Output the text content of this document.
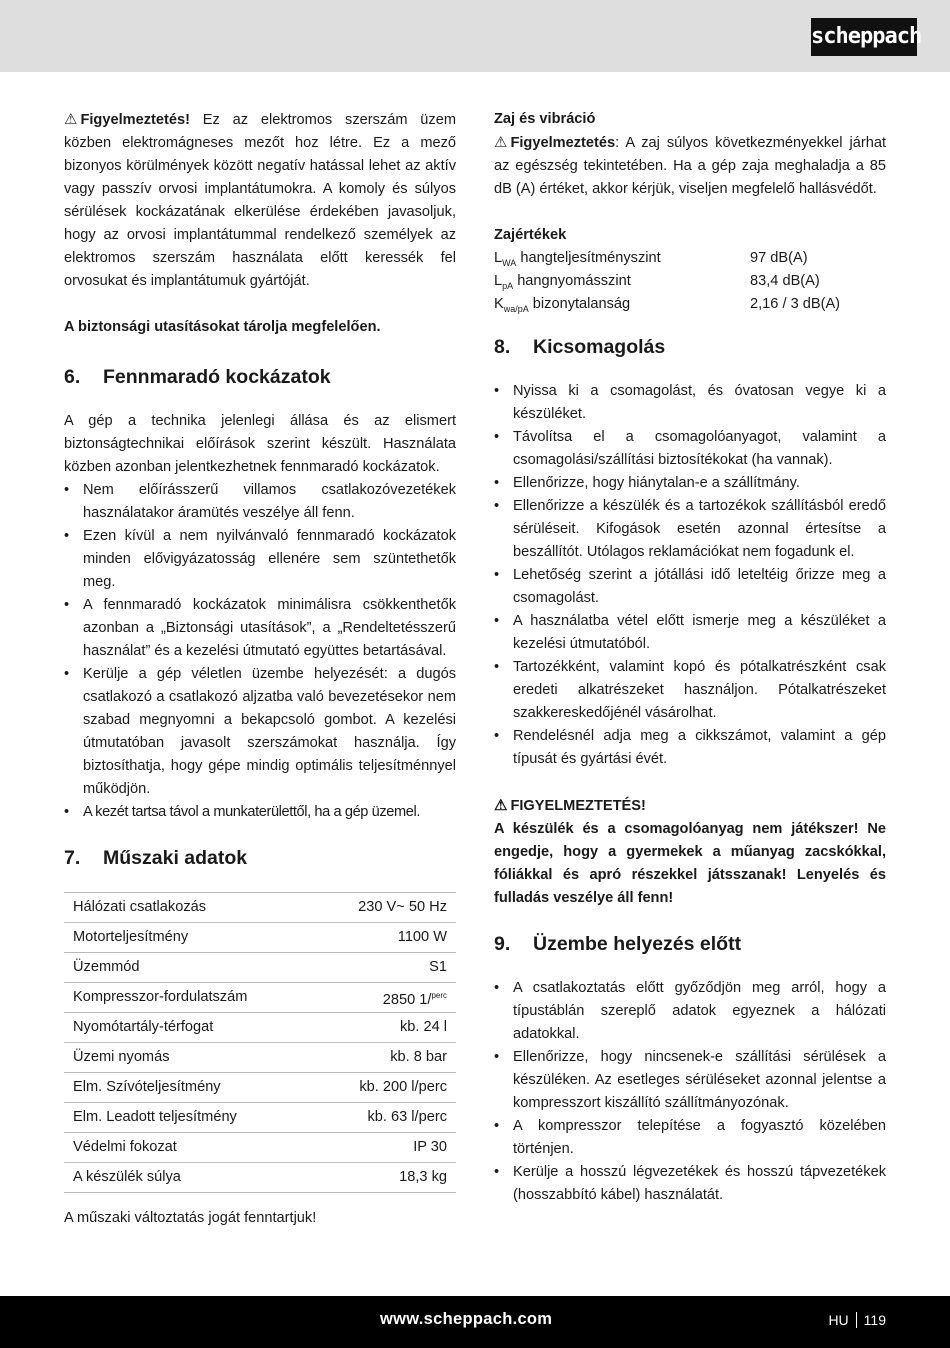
scheppach

⚠ Figyelmeztetés! Ez az elektromos szerszám üzem közben elektromágneses mezőt hoz létre. Ez a mező bizonyos körülmények között negatív hatással lehet az aktív vagy passzív orvosi implantátumokra. A komoly és súlyos sérülések kockázatának elkerülése érdekében javasoljuk, hogy az orvosi implantátummal rendelkező személyek az elektromos szerszám használata előtt keressék fel orvosukat és implantátumuk gyártóját.

A biztonsági utasításokat tárolja megfelelően.

6. Fennmaradó kockázatok

A gép a technika jelenlegi állása és az elismert biztonságtechnikai előírások szerint készült. Használata közben azonban jelentkezhetnek fennmaradó kockázatok.

• Nem előírásszerű villamos csatlakozóvezetékek használatakor áramütés veszélye áll fenn.
• Ezen kívül a nem nyilvánvaló fennmaradó kockázatok minden elővigyázatosság ellenére sem szüntethetők meg.
• A fennmaradó kockázatok minimálisra csökkenthetők azonban a „Biztonsági utasítások”, a „Rendeltetésszerű használat” és a kezelési útmutató együttes betartásával.
• Kerülje a gép véletlen üzembe helyezését: a dugós csatlakozó a csatlakozó aljzatba való bevezetésekor nem szabad megnyomni a bekapcsoló gombot. A kezelési útmutatóban javasolt szerszámokat használja. Így biztosíthatja, hogy gépe mindig optimális teljesítménnyel működjön.
• A kezét tartsa távol a munkaterülettől, ha a gép üzemel.
7. Műszaki adatok
Hálózati csatlakozás	230 V~ 50 Hz
Motorteljesítmény	1100 W
Üzemmód	S1
Kompresszor-fordulatszám	2850 1/$^{perc}$
Nyomótartály-térfogat	kb. 24 l
Üzemi nyomás	kb. 8 bar
Elm. Szívóteljesítmény	kb. 200 l/perc
Elm. Leadott teljesítmény	kb. 63 l/perc
Védelmi fokozat	IP 30
A készülék súlya	18,3 kg

A műszaki változtatás jogát fenntartjuk!

Zaj és vibráció

⚠ Figyelmeztetés: A zaj súlyos következményekkel járhat az egészség tekintetében. Ha a gép zaja meghaladja a 85 dB (A) értéket, akkor kérjük, viseljen megfelelő hallásvédőt.

Zajértékek

$L_{WA}$ hangteljesítményszint	97 dB(A)
$L_{pA}$ hangnyomásszint	83,4 dB(A)
$K_{wa/pA}$ bizonytalanság	2,16 / 3 dB(A)
8. Kicsomagolás
• Nyissa ki a csomagolást, és óvatosan vegye ki a készüléket.
• Távolítsa el a csomagolóanyagot, valamint a csomagolási/szállítási biztosítékokat (ha vannak).
• Ellenőrizze, hogy hiánytalan-e a szállítmány.
• Ellenőrizze a készülék és a tartozékok szállításból eredő sérüléseit. Kifogások esetén azonnal értesítse a beszállítót. Utólagos reklamációkat nem fogadunk el.
• Lehetőség szerint a jótállási idő leteltéig őrizze meg a csomagolást.
• A használatba vétel előtt ismerje meg a készüléket a kezelési útmutatóból.
• Tartozékként, valamint kopó és pótalkatrészként csak eredeti alkatrészeket használjon. Pótalkatrészeket szakkereskedőjénél vásárolhat.
• Rendelésnél adja meg a cikkszámot, valamint a gép típusát és gyártási évét.

⚠ FIGYELMEZTETÉS!

A készülék és a csomagolóanyag nem játékszer! Ne engedje, hogy a gyermekek a műanyag zacskókkal, fóliákkal és apró részekkel játsszanak! Lenyelés és fulladás veszélye áll fenn!

9. Üzembe helyezés előtt
• A csatlakoztatás előtt győződjön meg arról, hogy a típustáblán szereplő adatok egyeznek a hálózati adatokkal.
• Ellenőrizze, hogy nincsenek-e szállítási sérülések a készüléken. Az esetleges sérüléseket azonnal jelentse a kompresszort kiszállító szállítmányozónak.
• A kompresszor telepítése a fogyasztó közelében történjen.
• Kerülje a hosszú légvezetékek és hosszú tápvezetékek (hosszabbító kábel) használatát.
www.scheppach.com	HU 119
